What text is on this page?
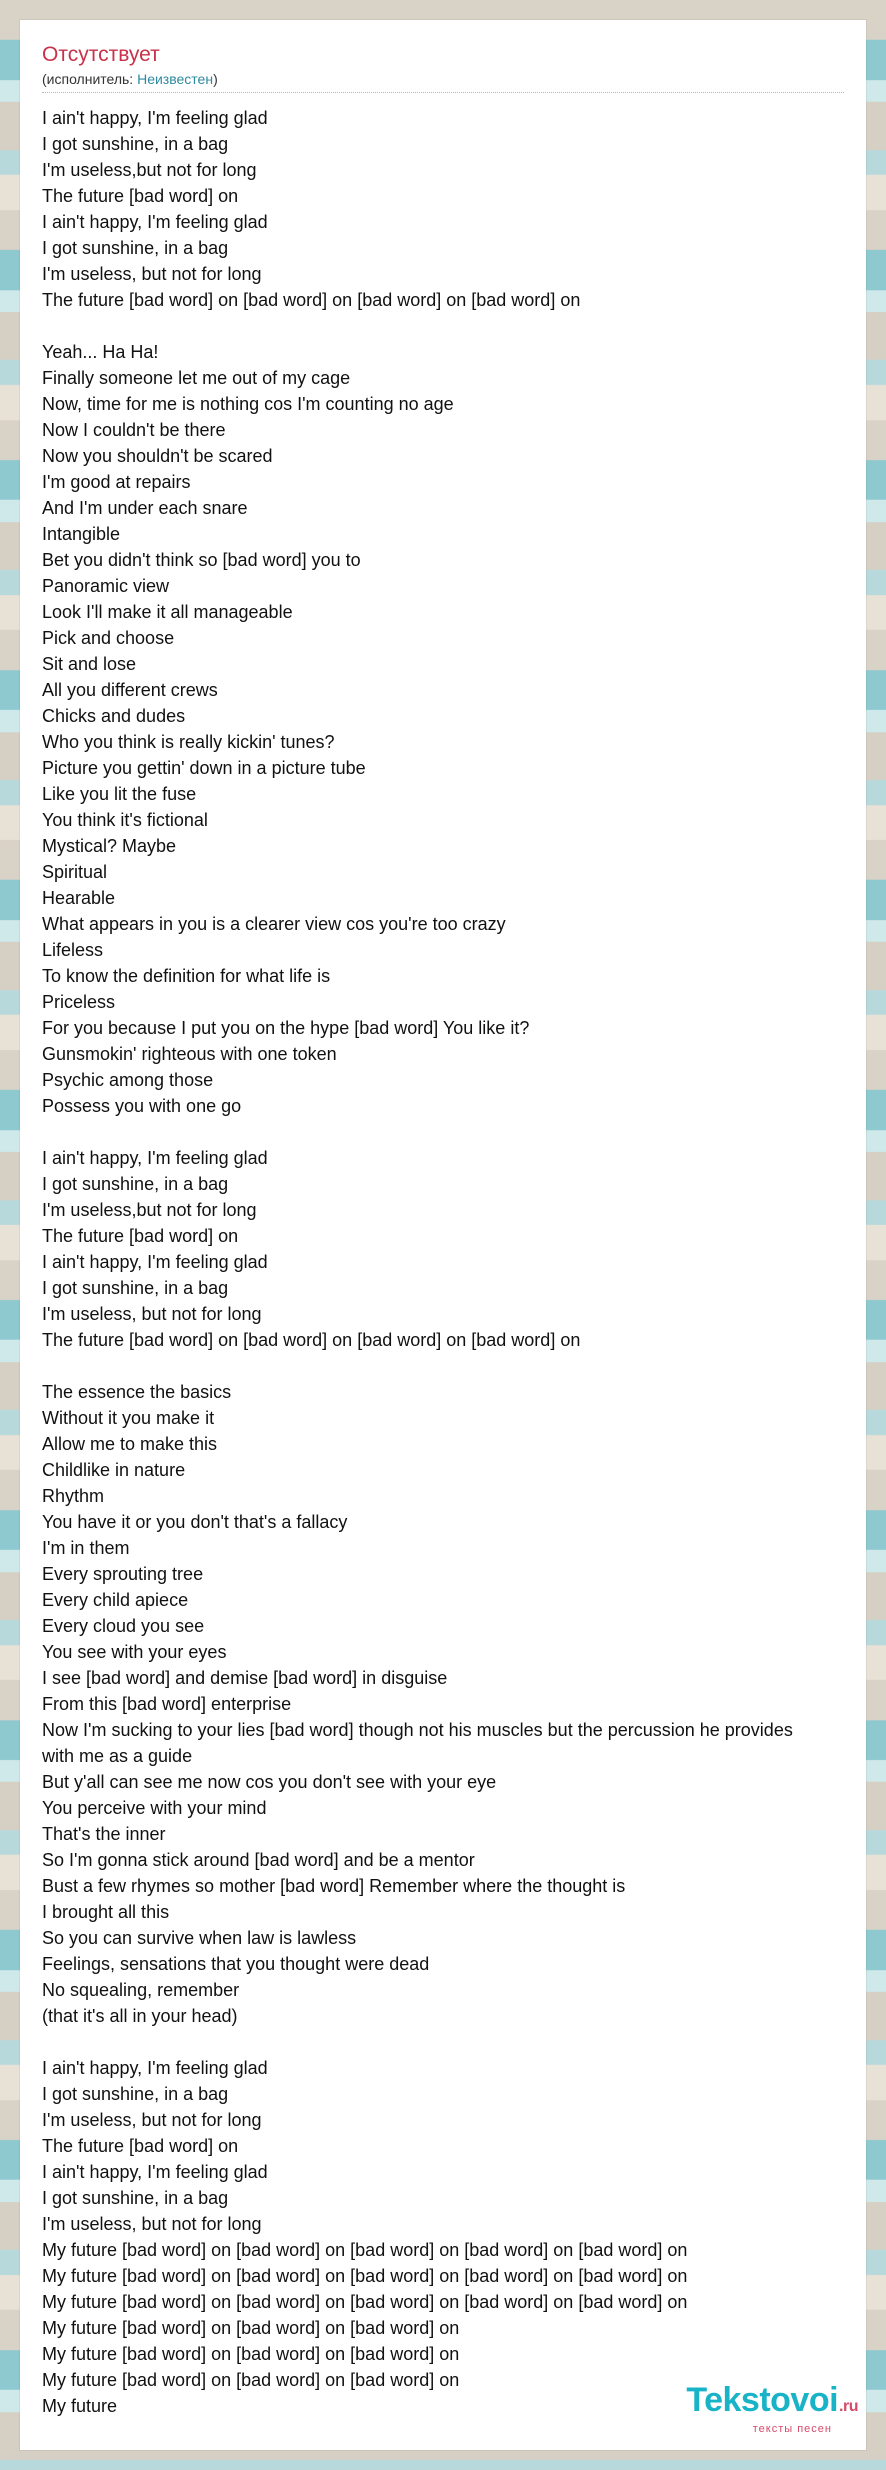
Отсутствует
(исполнитель: Неизвестен)
I ain't happy, I'm feeling glad
I got sunshine, in a bag
I'm useless,but not for long
The future [bad word] on
I ain't happy, I'm feeling glad
I got sunshine, in a bag
I'm useless, but not for long
The future [bad word] on [bad word] on [bad word] on [bad word] on

Yeah... Ha Ha!
Finally someone let me out of my cage
Now, time for me is nothing cos I'm counting no age
Now I couldn't be there
Now you shouldn't be scared
I'm good at repairs
And I'm under each snare
Intangible
Bet you didn't think so [bad word] you to
Panoramic view
Look I'll make it all manageable
Pick and choose
Sit and lose
All you different crews
Chicks and dudes
Who you think is really kickin' tunes?
Picture you gettin' down in a picture tube
Like you lit the fuse
You think it's fictional
Mystical? Maybe
Spiritual
Hearable
What appears in you is a clearer view cos you're too crazy
Lifeless
To know the definition for what life is
Priceless
For you because I put you on the hype [bad word] You like it?
Gunsmokin' righteous with one token
Psychic among those
Possess you with one go

I ain't happy, I'm feeling glad
I got sunshine, in a bag
I'm useless,but not for long
The future [bad word] on
I ain't happy, I'm feeling glad
I got sunshine, in a bag
I'm useless, but not for long
The future [bad word] on [bad word] on [bad word] on [bad word] on

The essence the basics
Without it you make it
Allow me to make this
Childlike in nature
Rhythm
You have it or you don't that's a fallacy
I'm in them
Every sprouting tree
Every child apiece
Every cloud you see
You see with your eyes
I see [bad word] and demise [bad word] in disguise
From this [bad word] enterprise
Now I'm sucking to your lies [bad word] though not his muscles but the percussion he provides
with me as a guide
But y'all can see me now cos you don't see with your eye
You perceive with your mind
That's the inner
So I'm gonna stick around [bad word] and be a mentor
Bust a few rhymes so mother [bad word] Remember where the thought is
I brought all this
So you can survive when law is lawless
Feelings, sensations that you thought were dead
No squealing, remember
(that it's all in your head)

I ain't happy, I'm feeling glad
I got sunshine, in a bag
I'm useless, but not for long
The future [bad word] on
I ain't happy, I'm feeling glad
I got sunshine, in a bag
I'm useless, but not for long
My future [bad word] on [bad word] on [bad word] on [bad word] on [bad word] on
My future [bad word] on [bad word] on [bad word] on [bad word] on [bad word] on
My future [bad word] on [bad word] on [bad word] on [bad word] on [bad word] on
My future [bad word] on [bad word] on [bad word] on
My future [bad word] on [bad word] on [bad word] on
My future [bad word] on [bad word] on [bad word] on
My future	Tekstovoi.ru
тексты песен
